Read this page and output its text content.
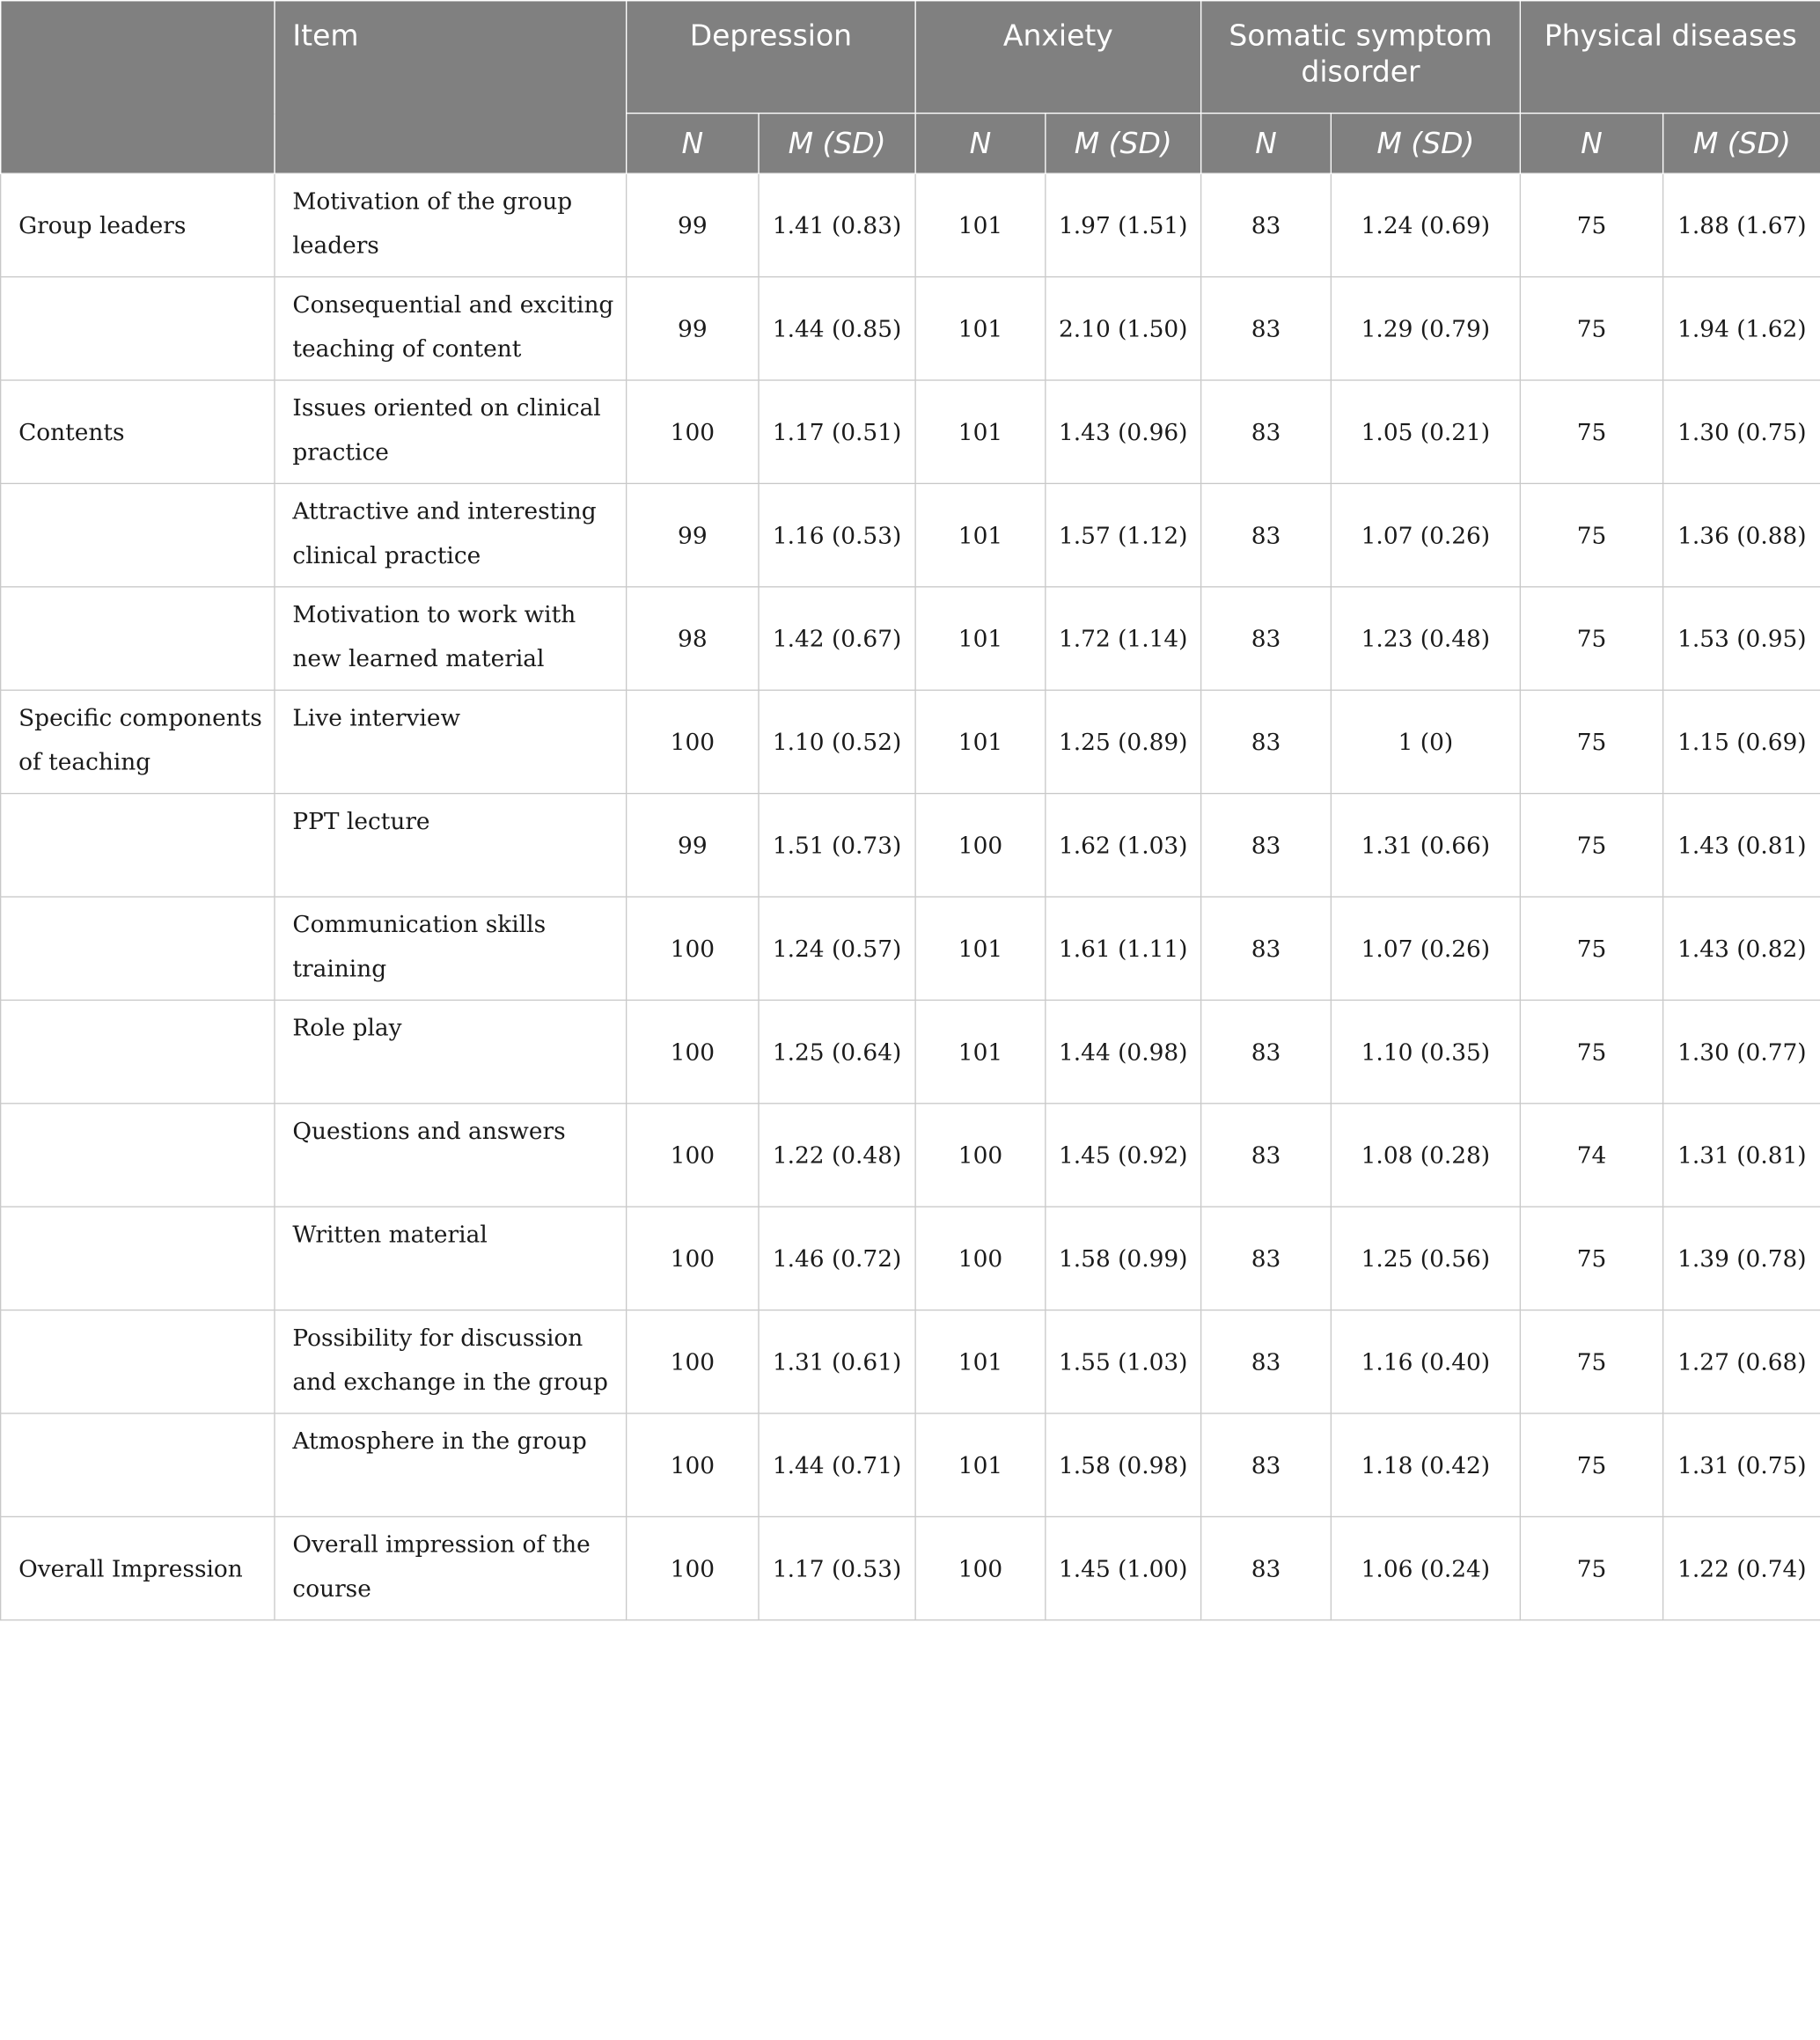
	Item	Depression		Anxiety		Somatic symptom disorder		Physical diseases	
		N	M (SD)	N	M (SD)	N	M (SD)	N	M (SD)
Group leaders	Motivation of the group leaders	99	1.41 (0.83)	101	1.97 (1.51)	83	1.24 (0.69)	75	1.88 (1.67)
	Consequential and exciting teaching of content	99	1.44 (0.85)	101	2.10 (1.50)	83	1.29 (0.79)	75	1.94 (1.62)
Contents	Issues oriented on clinical practice	100	1.17 (0.51)	101	1.43 (0.96)	83	1.05 (0.21)	75	1.30 (0.75)
	Attractive and interesting clinical practice	99	1.16 (0.53)	101	1.57 (1.12)	83	1.07 (0.26)	75	1.36 (0.88)
	Motivation to work with new learned material	98	1.42 (0.67)	101	1.72 (1.14)	83	1.23 (0.48)	75	1.53 (0.95)
Specific components of teaching	Live interview	100	1.10 (0.52)	101	1.25 (0.89)	83	1 (0)	75	1.15 (0.69)
	PPT lecture	99	1.51 (0.73)	100	1.62 (1.03)	83	1.31 (0.66)	75	1.43 (0.81)
	Communication skills training	100	1.24 (0.57)	101	1.61 (1.11)	83	1.07 (0.26)	75	1.43 (0.82)
	Role play	100	1.25 (0.64)	101	1.44 (0.98)	83	1.10 (0.35)	75	1.30 (0.77)
	Questions and answers	100	1.22 (0.48)	100	1.45 (0.92)	83	1.08 (0.28)	74	1.31 (0.81)
	Written material	100	1.46 (0.72)	100	1.58 (0.99)	83	1.25 (0.56)	75	1.39 (0.78)
	Possibility for discussion and exchange in the group	100	1.31 (0.61)	101	1.55 (1.03)	83	1.16 (0.40)	75	1.27 (0.68)
	Atmosphere in the group	100	1.44 (0.71)	101	1.58 (0.98)	83	1.18 (0.42)	75	1.31 (0.75)
Overall Impression	Overall impression of the course	100	1.17 (0.53)	100	1.45 (1.00)	83	1.06 (0.24)	75	1.22 (0.74)
